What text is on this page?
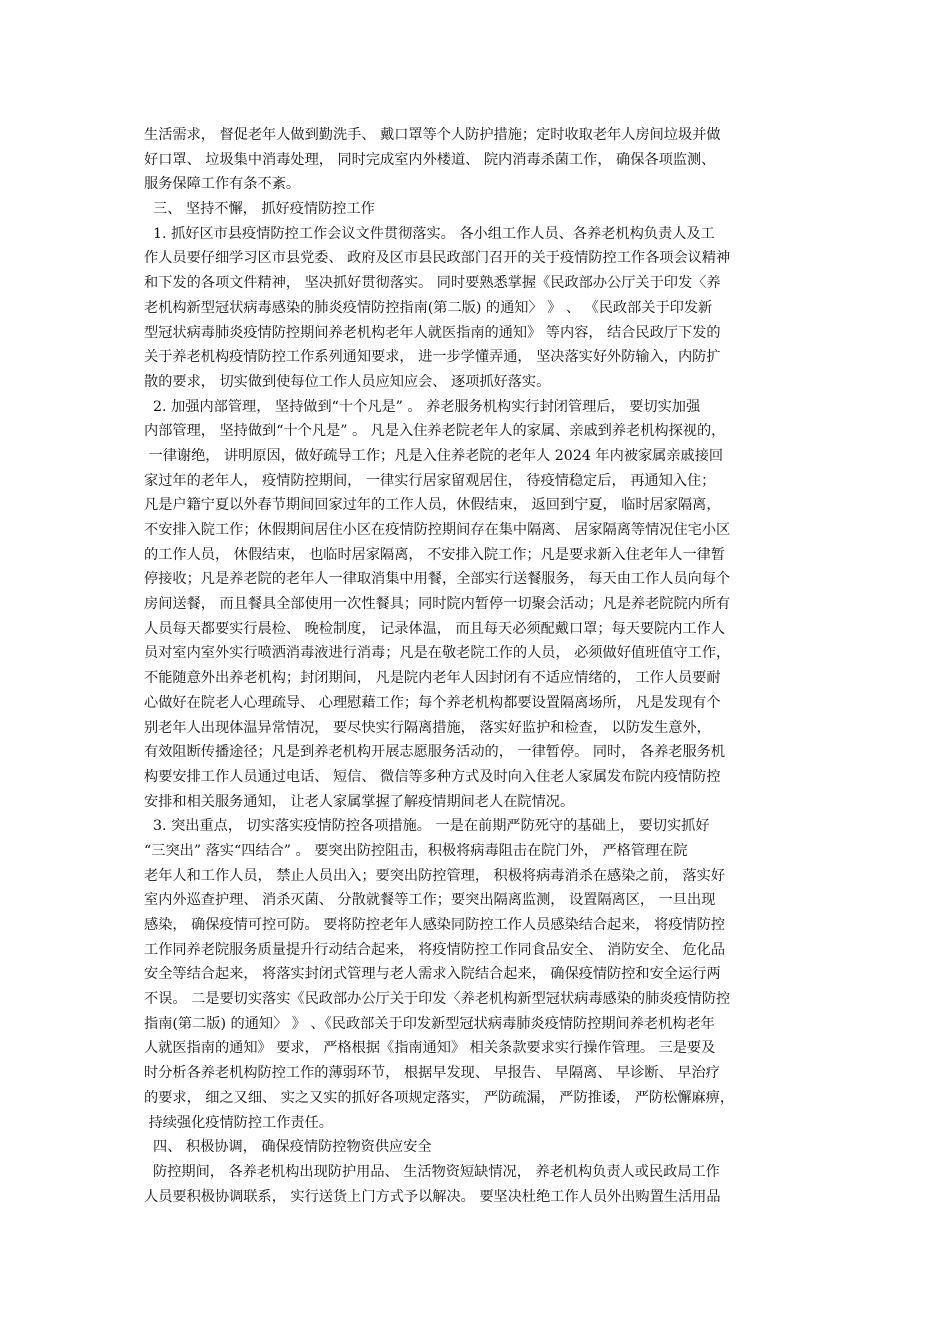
生活需求， 督促老年人做到勤洗手、 戴口罩等个人防护措施；定时收取老年人房间垃圾并做
好口罩、 垃圾集中消毒处理， 同时完成室内外楼道、 院内消毒杀菌工作， 确保各项监测、
服务保障工作有条不紊。
三、 坚持不懈， 抓好疫情防控工作
1. 抓好区市县疫情防控工作会议文件贯彻落实。 各小组工作人员、各养老机构负责人及工
作人员要仔细学习区市县党委、 政府及区市县民政部门召开的关于疫情防控工作各项会议精神
和下发的各项文件精神， 坚决抓好贯彻落实。 同时要熟悉掌握《民政部办公厅关于印发〈养
老机构新型冠状病毒感染的肺炎疫情防控指南(第二版) 的通知〉 》 、 《民政部关于印发新
型冠状病毒肺炎疫情防控期间养老机构老年人就医指南的通知》 等内容， 结合民政厅下发的
关于养老机构疫情防控工作系列通知要求， 进一步学懂弄通， 坚决落实好外防输入，内防扩
散的要求， 切实做到使每位工作人员应知应会、 逐项抓好落实。
2. 加强内部管理， 坚持做到“十个凡是” 。 养老服务机构实行封闭管理后， 要切实加强
内部管理， 坚持做到“十个凡是” 。 凡是入住养老院老年人的家属、亲戚到养老机构探视的，
一律谢绝， 讲明原因，做好疏导工作；凡是入住养老院的老年人 2024 年内被家属亲戚接回
家过年的老年人， 疫情防控期间， 一律实行居家留观居住， 待疫情稳定后， 再通知入住；
凡是户籍宁夏以外春节期间回家过年的工作人员，休假结束， 返回到宁夏， 临时居家隔离，
不安排入院工作；休假期间居住小区在疫情防控期间存在集中隔离、 居家隔离等情况住宅小区
的工作人员， 休假结束， 也临时居家隔离， 不安排入院工作；凡是要求新入住老年人一律暂
停接收；凡是养老院的老年人一律取消集中用餐，全部实行送餐服务， 每天由工作人员向每个
房间送餐， 而且餐具全部使用一次性餐具；同时院内暂停一切聚会活动；凡是养老院院内所有
人员每天都要实行晨检、 晚检制度， 记录体温， 而且每天必须配戴口罩；每天要院内工作人
员对室内室外实行喷洒消毒液进行消毒；凡是在敬老院工作的人员， 必须做好值班值守工作，
不能随意外出养老机构；封闭期间， 凡是院内老年人因封闭有不适应情绪的， 工作人员要耐
心做好在院老人心理疏导、 心理慰藉工作；每个养老机构都要设置隔离场所， 凡是发现有个
别老年人出现体温异常情况， 要尽快实行隔离措施， 落实好监护和检查， 以防发生意外，
有效阻断传播途径；凡是到养老机构开展志愿服务活动的， 一律暂停。 同时， 各养老服务机
构要安排工作人员通过电话、 短信、 微信等多种方式及时向入住老人家属发布院内疫情防控
安排和相关服务通知， 让老人家属掌握了解疫情期间老人在院情况。
3. 突出重点， 切实落实疫情防控各项措施。 一是在前期严防死守的基础上， 要切实抓好
“三突出” 落实“四结合” 。 要突出防控阻击，积极将病毒阻击在院门外， 严格管理在院
老年人和工作人员， 禁止人员出入；要突出防控管理， 积极将病毒消杀在感染之前， 落实好
室内外巡查护理、 消杀灭菌、 分散就餐等工作；要突出隔离监测， 设置隔离区， 一旦出现
感染， 确保疫情可控可防。 要将防控老年人感染同防控工作人员感染结合起来， 将疫情防控
工作同养老院服务质量提升行动结合起来， 将疫情防控工作同食品安全、 消防安全、 危化品
安全等结合起来， 将落实封闭式管理与老人需求入院结合起来， 确保疫情防控和安全运行两
不误。 二是要切实落实《民政部办公厅关于印发〈养老机构新型冠状病毒感染的肺炎疫情防控
指南(第二版) 的通知〉 》 、《民政部关于印发新型冠状病毒肺炎疫情防控期间养老机构老年
人就医指南的通知》 要求， 严格根据《指南通知》 相关条款要求实行操作管理。 三是要及
时分析各养老机构防控工作的薄弱环节， 根据早发现、 早报告、 早隔离、 早诊断、 早治疗
的要求， 细之又细、 实之又实的抓好各项规定落实， 严防疏漏， 严防推诿， 严防松懈麻痹，
持续强化疫情防控工作责任。
四、 积极协调， 确保疫情防控物资供应安全
防控期间， 各养老机构出现防护用品、 生活物资短缺情况， 养老机构负责人或民政局工作
人员要积极协调联系， 实行送货上门方式予以解决。 要坚决杜绝工作人员外出购置生活用品
